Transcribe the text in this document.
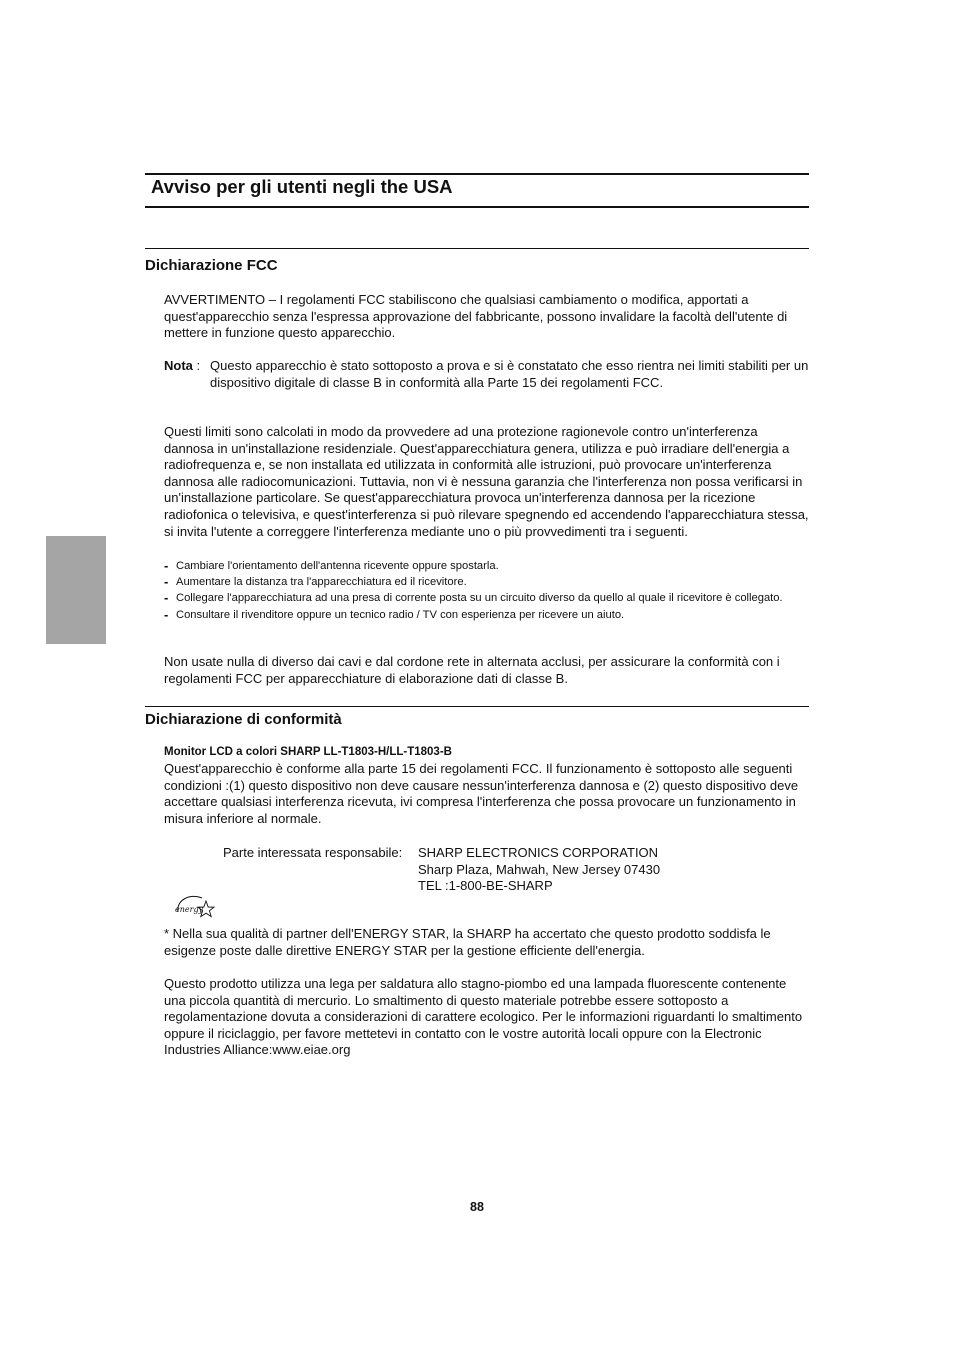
Avviso per gli utenti negli the USA
Dichiarazione FCC
AVVERTIMENTO – I regolamenti FCC stabiliscono che qualsiasi cambiamento o modifica, apportati a quest'apparecchio senza l'espressa approvazione del fabbricante, possono invalidare la facoltà dell'utente di mettere in funzione questo apparecchio.
Nota : Questo apparecchio è stato sottoposto a prova e si è constatato che esso rientra nei limiti stabiliti per un dispositivo digitale di classe B in conformità alla Parte 15 dei regolamenti FCC.
Questi limiti sono calcolati in modo da provvedere ad una protezione ragionevole contro un'interferenza dannosa in un'installazione residenziale. Quest'apparecchiatura genera, utilizza e può irradiare dell'energia a radiofrequenza e, se non installata ed utilizzata in conformità alle istruzioni, può provocare un'interferenza dannosa alle radiocomunicazioni. Tuttavia, non vi è nessuna garanzia che l'interferenza non possa verificarsi in un'installazione particolare. Se quest'apparecchiatura provoca un'interferenza dannosa per la ricezione radiofonica o televisiva, e quest'interferenza si può rilevare spegnendo ed accendendo l'apparecchiatura stessa, si invita l'utente a correggere l'interferenza mediante uno o più provvedimenti tra i seguenti.
- Cambiare l'orientamento dell'antenna ricevente oppure spostarla.
- Aumentare la distanza tra l'apparecchiatura ed il ricevitore.
- Collegare l'apparecchiatura ad una presa di corrente posta su un circuito diverso da quello al quale il ricevitore è collegato.
- Consultare il rivenditore oppure un tecnico radio / TV con esperienza per ricevere un aiuto.
Non usate nulla di diverso dai cavi e dal cordone rete in alternata acclusi, per assicurare la conformità con i regolamenti FCC per apparecchiature di elaborazione dati di classe B.
Dichiarazione di conformità
Monitor LCD a colori SHARP LL-T1803-H/LL-T1803-B
Quest'apparecchio è conforme alla parte 15 dei regolamenti FCC. Il funzionamento è sottoposto alle seguenti condizioni :(1) questo dispositivo non deve causare nessun'interferenza dannosa e (2) questo dispositivo deve accettare qualsiasi interferenza ricevuta, ivi compresa l'interferenza che possa provocare un funzionamento in misura inferiore al normale.
Parte interessata responsabile: SHARP ELECTRONICS CORPORATION
Sharp Plaza, Mahwah, New Jersey 07430
TEL :1-800-BE-SHARP
energy
* Nella sua qualità di partner dell'ENERGY STAR, la SHARP ha accertato che questo prodotto soddisfa le esigenze poste dalle direttive ENERGY STAR per la gestione efficiente dell'energia.
Questo prodotto utilizza una lega per saldatura allo stagno-piombo ed una lampada fluorescente contenente una piccola quantità di mercurio. Lo smaltimento di questo materiale potrebbe essere sottoposto a regolamentazione dovuta a considerazioni di carattere ecologico. Per le informazioni riguardanti lo smaltimento oppure il riciclaggio, per favore mettetevi in contatto con le vostre autorità locali oppure con la Electronic Industries Alliance:www.eiae.org
88
